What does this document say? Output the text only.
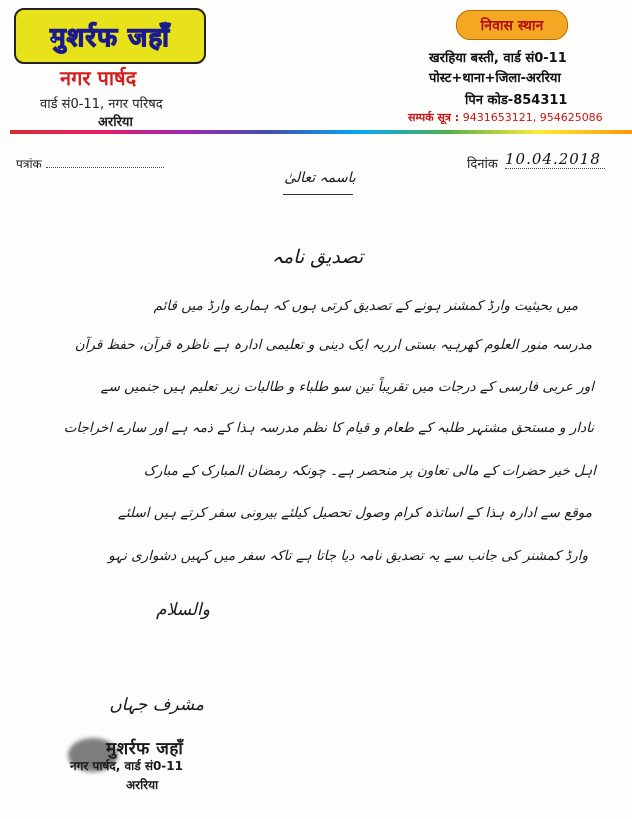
मुशर्रफ जहाँ
नगर पार्षद
वार्ड सं0-11, नगर परिषद
अररिया
निवास स्थान
खरहिया बस्ती, वार्ड सं0-11
पोस्ट+थाना+जिला-अररिया
पिन कोड-854311
सम्पर्क सूत्र : 9431653121, 954625086
पत्रांक	दिनांक 10.04.2018
باسمہ تعالیٰ
تصدیق نامہ
میں بحیثیت وارڈ کمشنر ہونے کے تصدیق کرتی ہوں کہ ہمارے وارڈ میں قائم
مدرسہ منور العلوم کھرہیہ بستی ارریہ ایک دینی و تعلیمی ادارہ ہے ناظرہ قرآن، حفظ قرآن
اور عربی فارسی کے درجات میں تقریباً تین سو طلباء و طالبات زیر تعلیم ہیں جنمیں سے
نادار و مستحق مشتہر طلبہ کے طعام و قیام کا نظم مدرسہ ہذا کے ذمہ ہے اور سارے اخراجات
اہل خیر حضرات کے مالی تعاون پر منحصر ہے۔ چونکہ رمضان المبارک کے مبارک
موقع سے ادارہ ہذا کے اساتذہ کرام وصول تحصیل کیلئے بیرونی سفر کرتے ہیں اسلئے
وارڈ کمشنر کی جانب سے یہ تصدیق نامہ دیا جاتا ہے تاکہ سفر میں کہیں دشواری نہو
والسلام
مشرف جہاں
मुशर्रफ जहाँ
नगर पार्षद, वार्ड सं0-11
अररिया
